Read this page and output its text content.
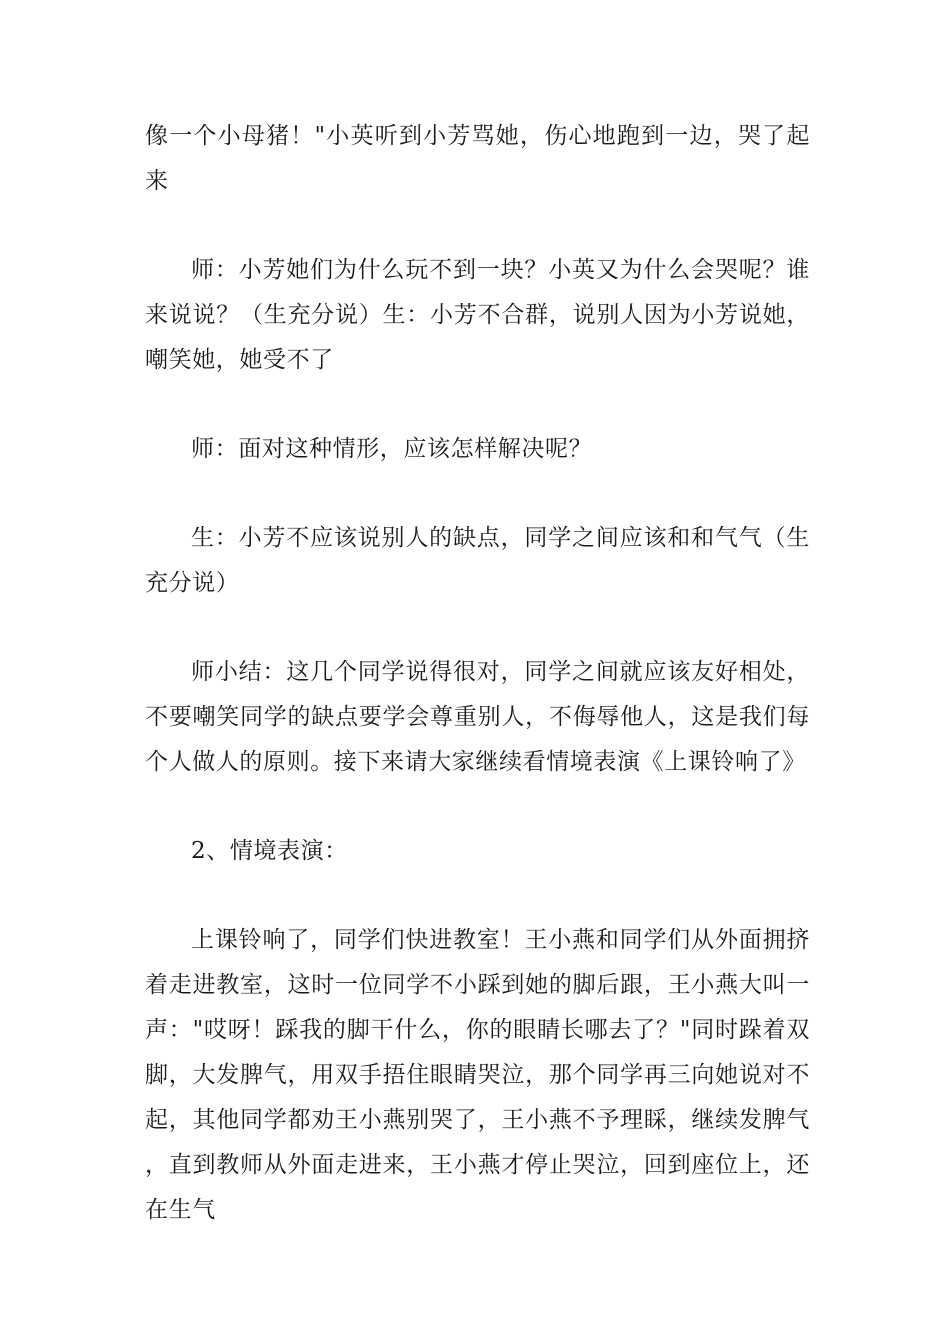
像一个小母猪！"小英听到小芳骂她，伤心地跑到一边，哭了起来

师：小芳她们为什么玩不到一块？小英又为什么会哭呢？谁来说说？（生充分说）生：小芳不合群，说别人因为小芳说她，嘲笑她，她受不了

师：面对这种情形，应该怎样解决呢？

生：小芳不应该说别人的缺点，同学之间应该和和气气（生充分说）

师小结：这几个同学说得很对，同学之间就应该友好相处，不要嘲笑同学的缺点要学会尊重别人，不侮辱他人，这是我们每个人做人的原则。接下来请大家继续看情境表演《上课铃响了》

2、情境表演：

上课铃响了，同学们快进教室！王小燕和同学们从外面拥挤着走进教室，这时一位同学不小踩到她的脚后跟，王小燕大叫一声："哎呀！踩我的脚干什么，你的眼睛长哪去了？"同时跺着双脚，大发脾气，用双手捂住眼睛哭泣，那个同学再三向她说对不起，其他同学都劝王小燕别哭了，王小燕不予理睬，继续发脾气，直到教师从外面走进来，王小燕才停止哭泣，回到座位上，还在生气
